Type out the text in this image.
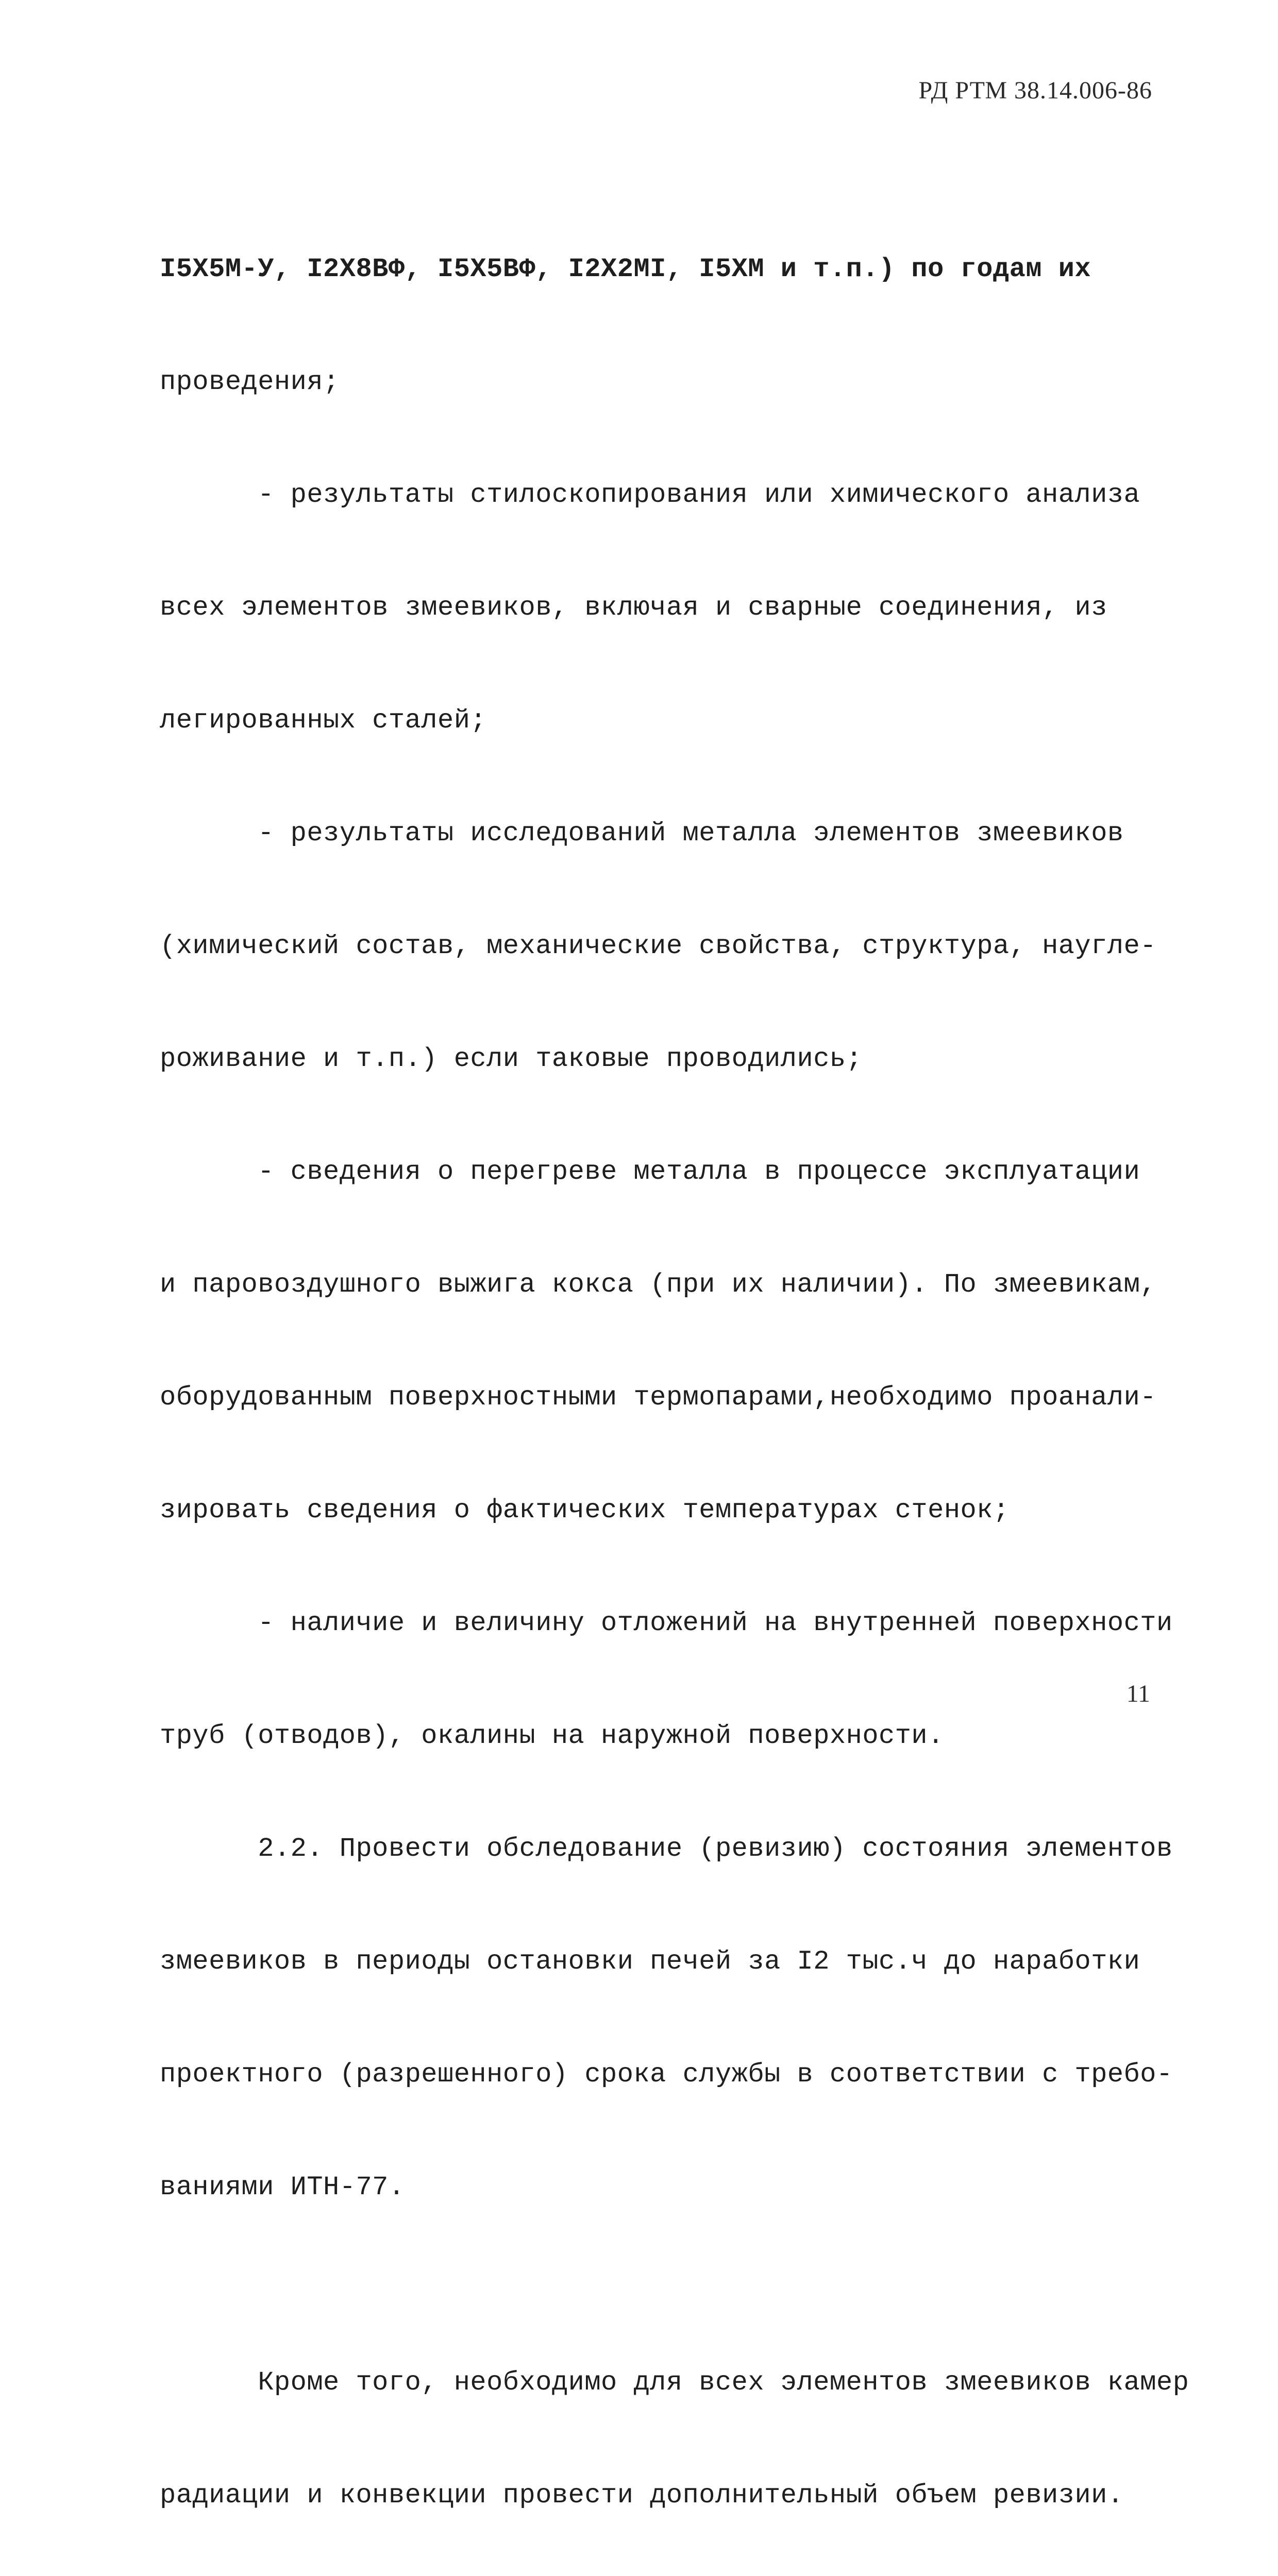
РД РТМ 38.14.006-86

I5X5M-У, I2X8ВФ, I5X5ВФ, I2X2MI, I5XM и т.п.) по годам их

проведения;

- результаты стилоскопирования или химического анализа

всех элементов змеевиков, включая и сварные соединения, из

легированных сталей;

- результаты исследований металла элементов змеевиков

(химический состав, механические свойства, структура, наугле-

роживание и т.п.) если таковые проводились;

- сведения о перегреве металла в процессе эксплуатации

и паровоздушного выжига кокса (при их наличии). По змеевикам,

оборудованным поверхностными термопарами,необходимо проанали-

зировать сведения о фактических температурах стенок;

- наличие и величину отложений на внутренней поверхности

труб (отводов), окалины на наружной поверхности.

2.2. Провести обследование (ревизию) состояния элементов

змеевиков в периоды остановки печей за I2 тыс.ч до наработки

проектного (разрешенного) срока службы в соответствии с требо-

ваниями ИТН-77.

Кроме того, необходимо для всех элементов змеевиков камер

радиации и конвекции провести дополнительный объем ревизии.

11
